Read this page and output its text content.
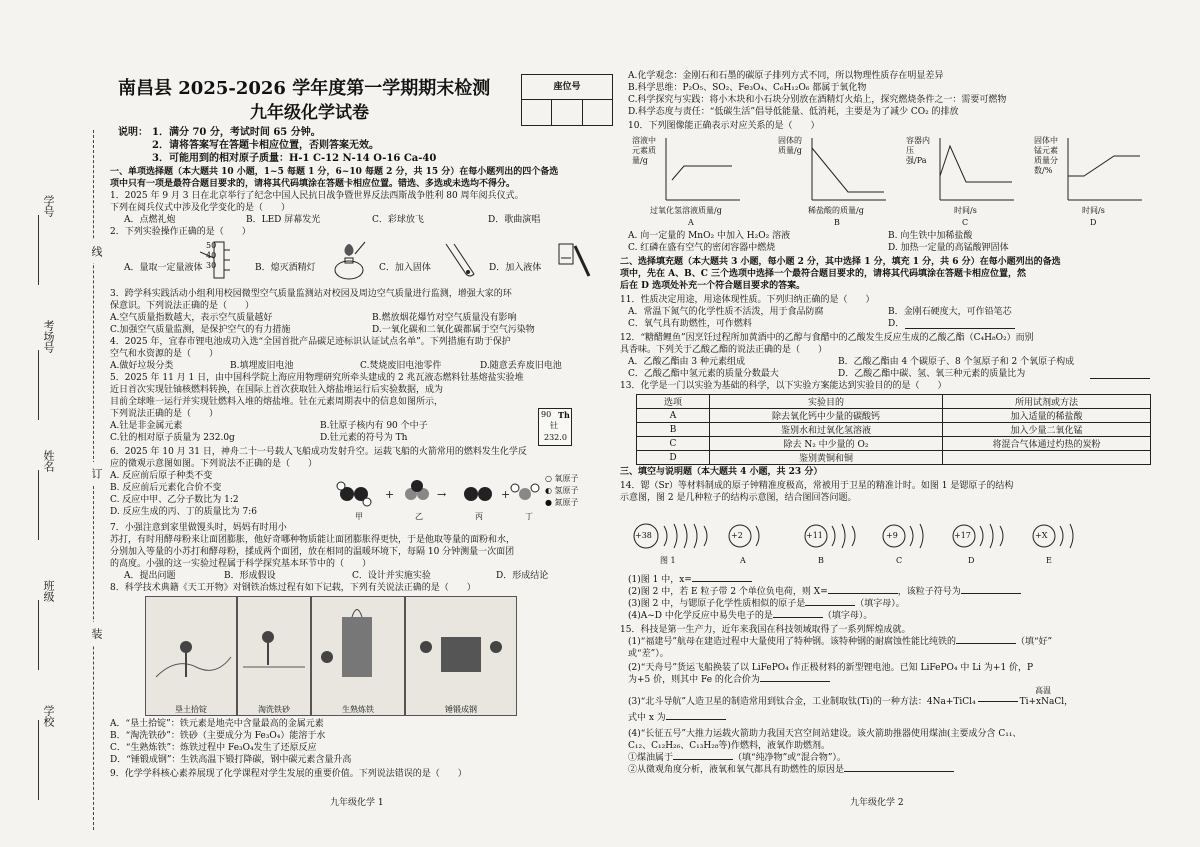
线
订
装
学号
考场号
姓名
班级
学校
南昌县 2025-2026 学年度第一学期期末检测
九年级化学试卷
座位号
说明： 1．满分 70 分，考试时间 65 分钟。
2．请将答案写在答题卡相应位置，否则答案无效。
3．可能用到的相对原子质量：H-1 C-12 N-14 O-16 Ca-40
一、单项选择题（本大题共 10 小题，1~5 每题 1 分，6~10 每题 2 分，共 15 分）在每小题列出的四个备选
项中只有一项是最符合题目要求的，请将其代码填涂在答题卡相应位置。错选、多选或未选均不得分。
1．2025 年 9 月 3 日在北京举行了纪念中国人民抗日战争暨世界反法西斯战争胜利 80 周年阅兵仪式。
下列在阅兵仪式中涉及化学变化的是（　　）
A．点燃礼炮	B．LED 屏幕发光	C．彩球放飞	D．歌曲演唱
2．下列实验操作正确的是（　　）
50
40
30
A．量取一定量液体	B．熄灭酒精灯	C．加入固体	D．加入液体
3．跨学科实践活动小组利用校园微型空气质量监测站对校园及周边空气质量进行监测，增强大家的环
保意识。下列说法正确的是（　　）
A.空气质量指数越大，表示空气质量越好	B.燃放烟花爆竹对空气质量没有影响
C.加强空气质量监测，是保护空气的有力措施	D.一氧化碳和二氧化碳都属于空气污染物
4．2025 年，宜春市锂电池成功入选“全国首批产品碳足迹标识认证试点名单”。下列措施有助于保护
空气和水资源的是（　　）
A.做好垃圾分类	B.填埋废旧电池	C.焚烧废旧电池零件	D.随意丢弃废旧电池
5．2025 年 11 月 1 日，由中国科学院上海应用物理研究所牵头建成的 2 兆瓦液态燃料钍基熔盐实验堆
近日首次实现钍铀核燃料转换，在国际上首次获取钍入熔盐堆运行后实验数据，成为
目前全球唯一运行并实现钍燃料入堆的熔盐堆。钍在元素周期表中的信息如图所示，
下列说法正确的是（　　）	90 Th
钍
232.0
A.钍是非金属元素	B.钍原子核内有 90 个中子
C.钍的相对原子质量为 232.0g	D.钍元素的符号为 Th
6．2025 年 10 月 31 日，神舟二十一号载人飞船成功发射升空。运载飞船的火箭常用的燃料发生化学反
应的微观示意图如图。下列说法不正确的是（　　）
A. 反应前后原子种类不变
B. 反应前后元素化合价不变
C. 反应中甲、乙分子数比为 1:2
D. 反应生成的丙、丁的质量比为 7:6
+	→	+
甲	乙	丙	丁
○ 氧原子
◐ 氢原子
● 氮原子
7．小强注意到家里做馒头时，妈妈有时用小
苏打，有时用酵母粉来让面团膨胀，他好奇哪种物质能让面团膨胀得更快，于是他取等量的面粉和水，
分别加入等量的小苏打和酵母粉，揉成两个面团，放在相同的温暖环境下，每隔 10 分钟测量一次面团
的高度。小强的这一实验过程属于科学探究基本环节中的（　　）
A．提出问题	B．形成假设	C．设计并实施实验	D．形成结论
8．科学技术典籍《天工开物》对钢铁冶炼过程有如下记载，下列有关说法正确的是（　　）
垦土拾锭	淘洗铁砂	生熟炼铁	锤锻成钢
A．“垦土拾锭”：铁元素是地壳中含量最高的金属元素
B．“淘洗铁砂”：铁砂（主要成分为 Fe₃O₄）能溶于水
C．“生熟炼铁”：炼铁过程中 Fe₃O₄发生了还原反应
D．“锤锻成钢”：生铁高温下锻打降碳，钢中碳元素含量升高
9．化学学科核心素养展现了化学课程对学生发展的重要价值。下列说法错误的是（　　）
九年级化学 1
A.化学观念：金刚石和石墨的碳原子排列方式不同，所以物理性质存在明显差异
B.科学思维：P₂O₅、SO₂、Fe₃O₄、C₆H₁₂O₆ 都属于氧化物
C.科学探究与实践：将小木块和小石块分别放在酒精灯火焰上，探究燃烧条件之一：需要可燃物
D.科学态度与责任：“低碳生活”倡导低能量、低消耗，主要是为了减少 CO₂ 的排放
10．下列图像能正确表示对应关系的是（　　）
溶液中元素质量/g
过氧化氢溶液质量/g
A
固体的质量/g
稀盐酸的质量/g
B
容器内压强/Pa
时间/s
C
固体中锰元素质量分数/%
时间/s
D
A. 向一定量的 MnO₂ 中加入 H₂O₂ 溶液	B. 向生铁中加稀盐酸
C. 红磷在盛有空气的密闭容器中燃烧	D. 加热一定量的高锰酸钾固体
二、选择填充题（本大题共 3 小题，每小题 2 分，其中选择 1 分，填充 1 分，共 6 分）在每小题列出的备选
项中，先在 A、B、C 三个选项中选择一个最符合题目要求的，请将其代码填涂在答题卡相应位置，然
后在 D 选项处补充一个符合题目要求的答案。
11．性质决定用途，用途体现性质。下列归纳正确的是（　　）
A．常温下氮气的化学性质不活泼，用于食品防腐	B．金刚石硬度大，可作铅笔芯
C．氧气具有助燃性，可作燃料	D．
12．“糖醋鲤鱼”因烹饪过程所加黄酒中的乙醇与食醋中的乙酸发生反应生成的乙酸乙酯（C₄H₈O₂）而别
具香味。下列关于乙酸乙酯的说法正确的是（　　）
A．乙酸乙酯由 3 种元素组成	B．乙酸乙酯由 4 个碳原子、8 个氢原子和 2 个氧原子构成
C．乙酸乙酯中氢元素的质量分数最大	D．乙酸乙酯中碳、氢、氧三种元素的质量比为
13．化学是一门以实验为基础的科学，以下实验方案能达到实验目的的是（　　）
选项	实验目的	所用试剂或方法
A	除去氧化钙中少量的碳酸钙	加入适量的稀盐酸
B	鉴别水和过氧化氢溶液	加入少量二氧化锰
C	除去 N₂ 中少量的 O₂	将混合气体通过灼热的炭粉
D	鉴别黄铜和铜	
三、填空与说明题（本大题共 4 小题，共 23 分）
14．锶（Sr）等材料制成的原子钟精准度极高，常被用于卫星的精准计时。如图 1 是锶原子的结构
示意图，图 2 是几种粒子的结构示意图，结合图回答问题。
+38
图 1
+2
A
+11
B
+9
C
+17
D
+X
E
(1)图 1 中，x=
(2)图 2 中，若 E 粒子带 2 个单位负电荷，则 X=	，该粒子符号为
(3)图 2 中，与锶原子化学性质相似的原子是	（填字母）。
(4)A~D 中化学反应中易失电子的是	（填字母）。
15．科技是第一生产力，近年来我国在科技领域取得了一系列辉煌成就。
(1)“福建号”航母在建造过程中大量使用了特种钢。该特种钢的耐腐蚀性能比纯铁的	（填“好”
或“差”）。
(2)“天舟号”货运飞船换装了以 LiFePO₄ 作正极材料的新型锂电池。已知 LiFePO₄ 中 Li 为+1 价，P
为+5 价，则其中 Fe 的化合价为
高温
(3)“北斗导航”人造卫星的制造常用到钛合金，工业制取钛(Ti)的一种方法：4Na+TiCl₄	Ti+xNaCl，
式中 x 为
(4)“长征五号”大推力运载火箭助力我国天宫空间站建设。该火箭助推器使用煤油(主要成分含 C₁₁、
C₁₂、C₁₂H₂₆、C₁₃H₂₈等)作燃料，液氧作助燃剂。
①煤油属于	（填“纯净物”或“混合物”）。
②从微观角度分析，液氧和氧气都具有助燃性的原因是
九年级化学 2
